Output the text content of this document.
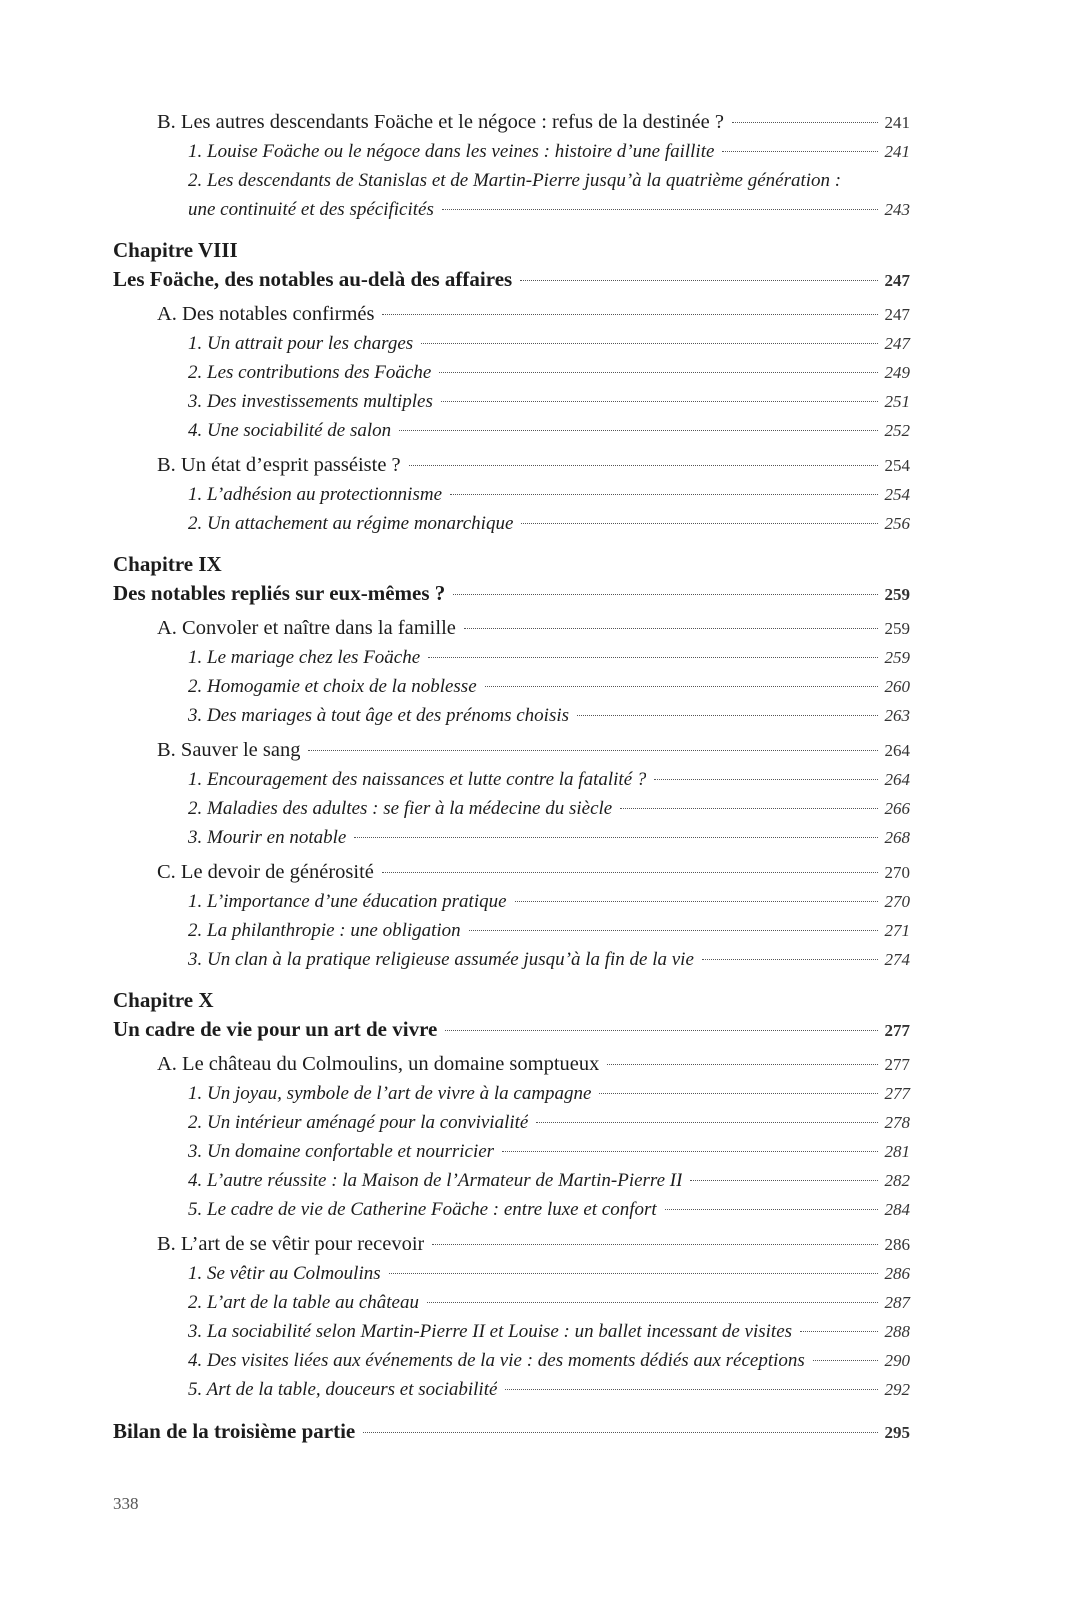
B. Les autres descendants Foäche et le négoce : refus de la destinée ?	241
1. Louise Foäche ou le négoce dans les veines : histoire d’une faillite	241
2. Les descendants de Stanislas et de Martin-Pierre jusqu’à la quatrième génération :
une continuité et des spécificités	243
Chapitre VIII
Les Foäche, des notables au-delà des affaires	247
A. Des notables confirmés	247
1. Un attrait pour les charges	247
2. Les contributions des Foäche	249
3. Des investissements multiples	251
4. Une sociabilité de salon	252
B. Un état d’esprit passéiste ?	254
1. L’adhésion au protectionnisme	254
2. Un attachement au régime monarchique	256
Chapitre IX
Des notables repliés sur eux-mêmes ?	259
A. Convoler et naître dans la famille	259
1. Le mariage chez les Foäche	259
2. Homogamie et choix de la noblesse	260
3. Des mariages à tout âge et des prénoms choisis	263
B. Sauver le sang	264
1. Encouragement des naissances et lutte contre la fatalité ?	264
2. Maladies des adultes : se fier à la médecine du siècle	266
3. Mourir en notable	268
C. Le devoir de générosité	270
1. L’importance d’une éducation pratique	270
2. La philanthropie : une obligation	271
3. Un clan à la pratique religieuse assumée jusqu’à la fin de la vie	274
Chapitre X
Un cadre de vie pour un art de vivre	277
A. Le château du Colmoulins, un domaine somptueux	277
1. Un joyau, symbole de l’art de vivre à la campagne	277
2. Un intérieur aménagé pour la convivialité	278
3. Un domaine confortable et nourricier	281
4. L’autre réussite : la Maison de l’Armateur de Martin-Pierre II	282
5. Le cadre de vie de Catherine Foäche : entre luxe et confort	284
B. L’art de se vêtir pour recevoir	286
1. Se vêtir au Colmoulins	286
2. L’art de la table au château	287
3. La sociabilité selon Martin-Pierre II et Louise : un ballet incessant de visites	288
4. Des visites liées aux événements de la vie : des moments dédiés aux réceptions	290
5. Art de la table, douceurs et sociabilité	292
Bilan de la troisième partie	295
338
